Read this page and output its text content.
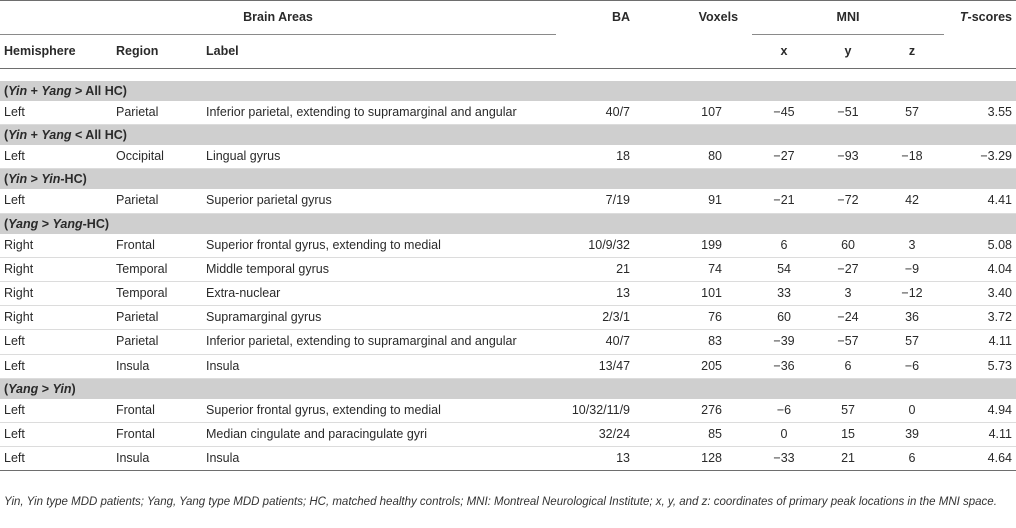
Brain Areas			BA	Voxels	MNI			T-scores
Hemisphere	Region	Label			x	y	z	

(Yin + Yang > All HC)								
Left	Parietal	Inferior parietal, extending to supramarginal and angular	40/7	107	−45	−51	57	3.55
(Yin + Yang < All HC)								
Left	Occipital	Lingual gyrus	18	80	−27	−93	−18	−3.29
(Yin > Yin-HC)								
Left	Parietal	Superior parietal gyrus	7/19	91	−21	−72	42	4.41
(Yang > Yang-HC)								
Right	Frontal	Superior frontal gyrus, extending to medial	10/9/32	199	6	60	3	5.08
Right	Temporal	Middle temporal gyrus	21	74	54	−27	−9	4.04
Right	Temporal	Extra-nuclear	13	101	33	3	−12	3.40
Right	Parietal	Supramarginal gyrus	2/3/1	76	60	−24	36	3.72
Left	Parietal	Inferior parietal, extending to supramarginal and angular	40/7	83	−39	−57	57	4.11
Left	Insula	Insula	13/47	205	−36	6	−6	5.73
(Yang > Yin)								
Left	Frontal	Superior frontal gyrus, extending to medial	10/32/11/9	276	−6	57	0	4.94
Left	Frontal	Median cingulate and paracingulate gyri	32/24	85	0	15	39	4.11
Left	Insula	Insula	13	128	−33	21	6	4.64
Yin, Yin type MDD patients; Yang, Yang type MDD patients; HC, matched healthy controls; MNI: Montreal Neurological Institute; x, y, and z: coordinates of primary peak locations in the MNI space.
